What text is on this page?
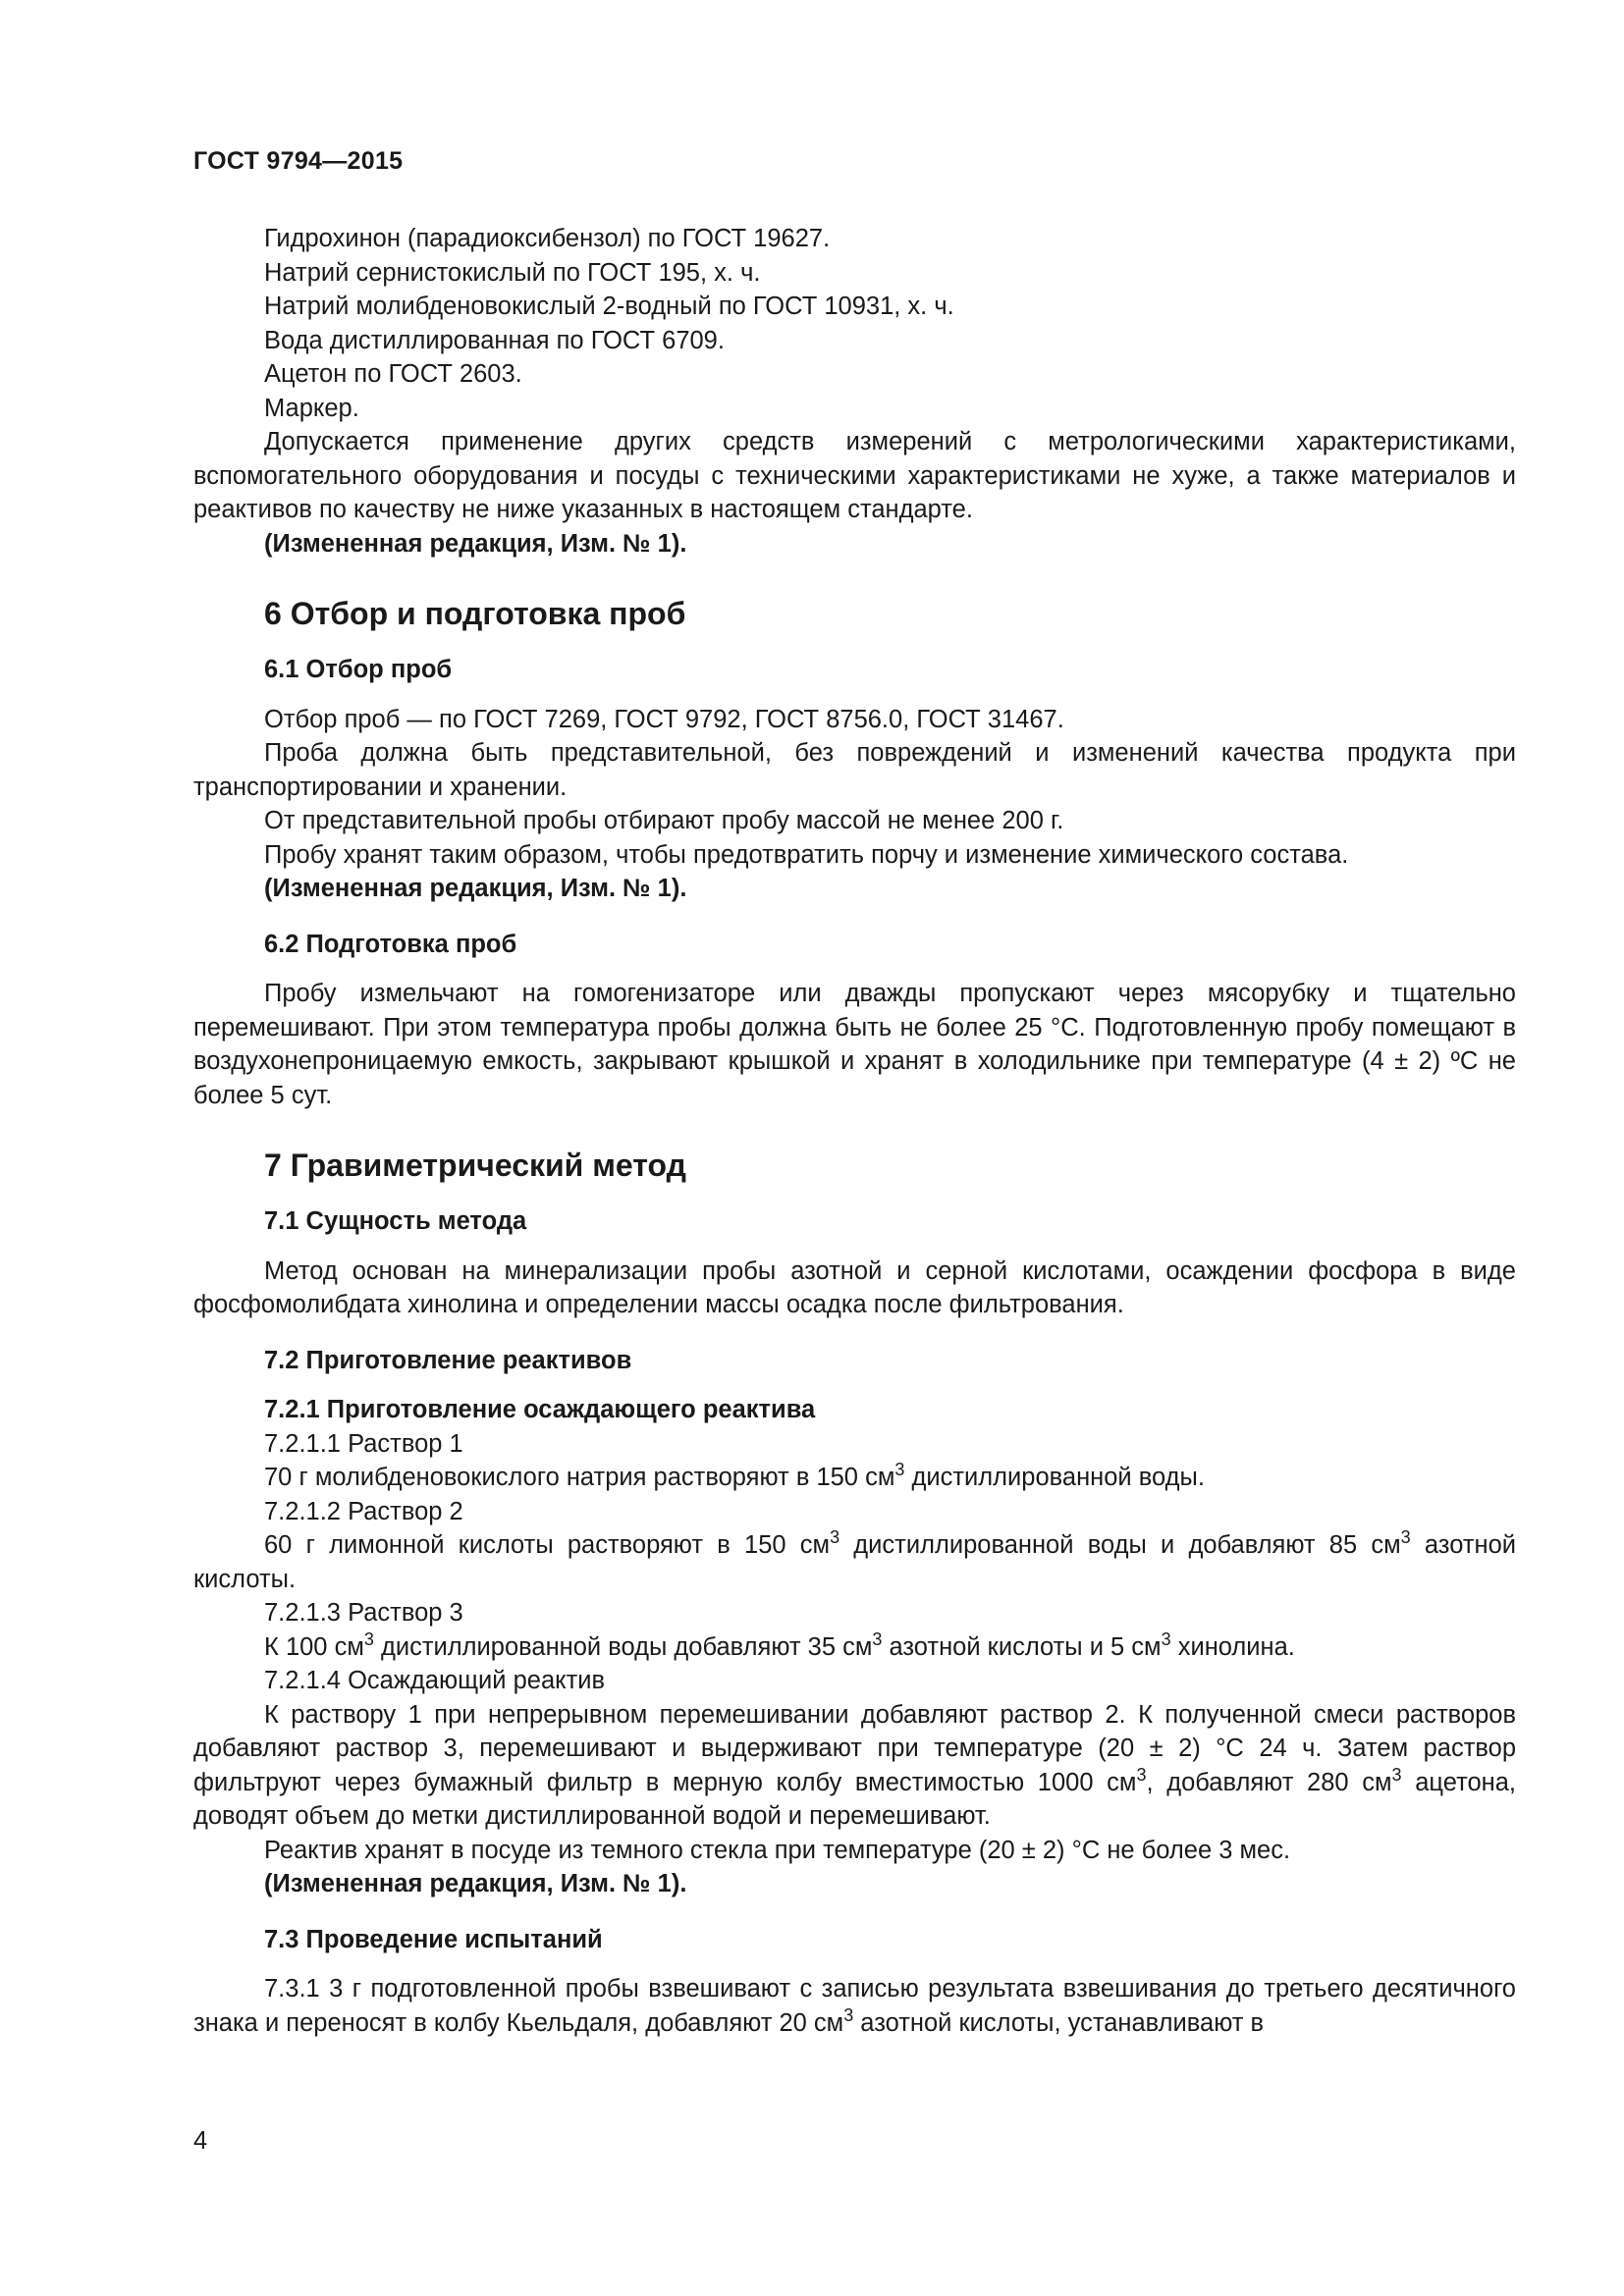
ГОСТ 9794—2015

Гидрохинон (парадиоксибензол) по ГОСТ 19627.

Натрий сернистокислый по ГОСТ 195, х. ч.

Натрий молибденовокислый 2-водный по ГОСТ 10931, х. ч.

Вода дистиллированная по ГОСТ 6709.

Ацетон по ГОСТ 2603.

Маркер.

Допускается применение других средств измерений с метрологическими характеристиками, вспомогательного оборудования и посуды с техническими характеристиками не хуже, а также материалов и реактивов по качеству не ниже указанных в настоящем стандарте.

(Измененная редакция, Изм. № 1).

6 Отбор и подготовка проб
6.1 Отбор проб

Отбор проб — по ГОСТ 7269, ГОСТ 9792, ГОСТ 8756.0, ГОСТ 31467.

Проба должна быть представительной, без повреждений и изменений качества продукта при транспортировании и хранении.

От представительной пробы отбирают пробу массой не менее 200 г.

Пробу хранят таким образом, чтобы предотвратить порчу и изменение химического состава.

(Измененная редакция, Изм. № 1).

6.2 Подготовка проб

Пробу измельчают на гомогенизаторе или дважды пропускают через мясорубку и тщательно перемешивают. При этом температура пробы должна быть не более 25 °С. Подготовленную пробу помещают в воздухонепроницаемую емкость, закрывают крышкой и хранят в холодильнике при температуре (4 ± 2) ºС не более 5 сут.

7 Гравиметрический метод
7.1 Сущность метода

Метод основан на минерализации пробы азотной и серной кислотами, осаждении фосфора в виде фосфомолибдата хинолина и определении массы осадка после фильтрования.

7.2 Приготовление реактивов
7.2.1 Приготовление осаждающего реактива

7.2.1.1 Раствор 1

70 г молибденовокислого натрия растворяют в 150 $см^3$ дистиллированной воды.

7.2.1.2 Раствор 2

60 г лимонной кислоты растворяют в 150 $см^3$ дистиллированной воды и добавляют 85 $см^3$ азотной кислоты.

7.2.1.3 Раствор 3

К 100 $см^3$ дистиллированной воды добавляют 35 $см^3$ азотной кислоты и 5 $см^3$ хинолина.

7.2.1.4 Осаждающий реактив

К раствору 1 при непрерывном перемешивании добавляют раствор 2. К полученной смеси растворов добавляют раствор 3, перемешивают и выдерживают при температуре (20 ± 2) °С 24 ч. Затем раствор фильтруют через бумажный фильтр в мерную колбу вместимостью 1000 $см^3$, добавляют 280 $см^3$ ацетона, доводят объем до метки дистиллированной водой и перемешивают.

Реактив хранят в посуде из темного стекла при температуре (20 ± 2) °С не более 3 мес.

(Измененная редакция, Изм. № 1).

7.3 Проведение испытаний

7.3.1 3 г подготовленной пробы взвешивают с записью результата взвешивания до третьего десятичного знака и переносят в колбу Кьельдаля, добавляют 20 $см^3$ азотной кислоты, устанавливают в

4
